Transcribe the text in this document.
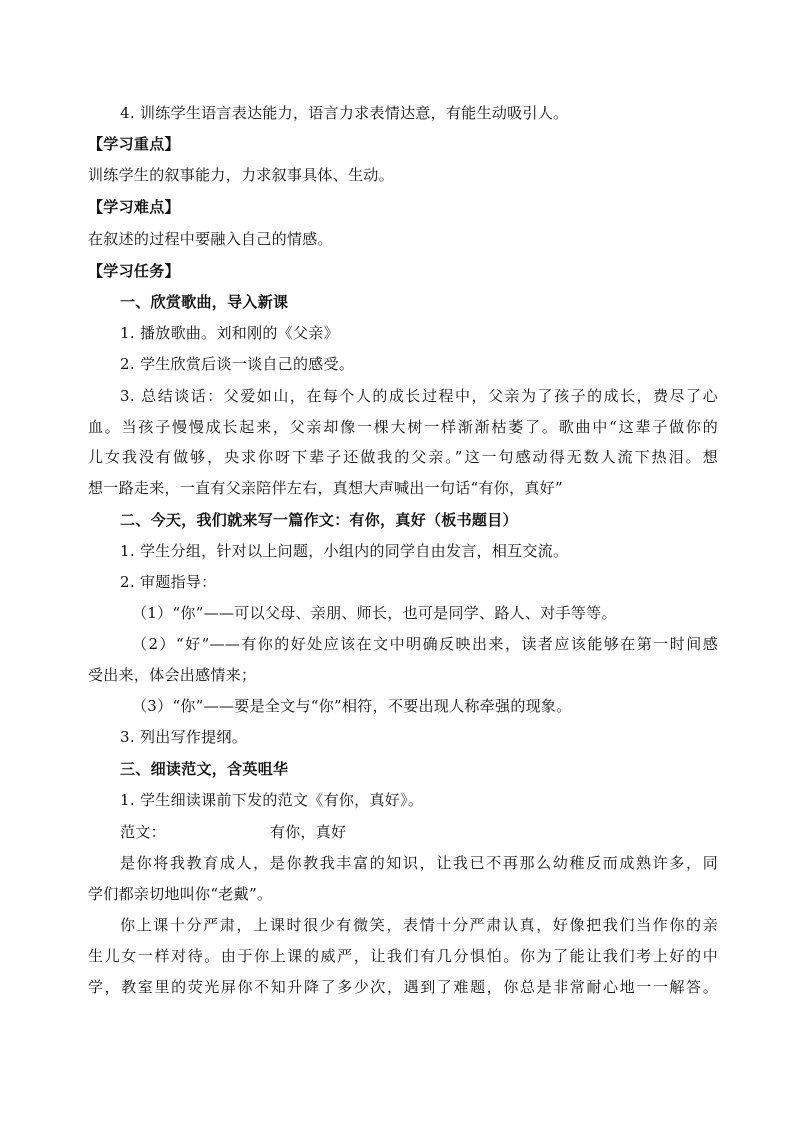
4. 训练学生语言表达能力，语言力求表情达意，有能生动吸引人。
【学习重点】
训练学生的叙事能力，力求叙事具体、生动。
【学习难点】
在叙述的过程中要融入自己的情感。
【学习任务】
一、欣赏歌曲，导入新课
1. 播放歌曲。刘和刚的《父亲》
2. 学生欣赏后谈一谈自己的感受。
3. 总结谈话：父爱如山，在每个人的成长过程中，父亲为了孩子的成长，费尽了心
血。当孩子慢慢成长起来，父亲却像一棵大树一样渐渐枯萎了。歌曲中“这辈子做你的
儿女我没有做够，央求你呀下辈子还做我的父亲。”这一句感动得无数人流下热泪。想
想一路走来，一直有父亲陪伴左右，真想大声喊出一句话“有你，真好”
二、今天，我们就来写一篇作文：有你，真好（板书题目）
1. 学生分组，针对以上问题，小组内的同学自由发言，相互交流。
2. 审题指导：
（1）“你”——可以父母、亲朋、师长，也可是同学、路人、对手等等。
（2）“好”——有你的好处应该在文中明确反映出来，读者应该能够在第一时间感
受出来，体会出感情来；
（3）“你”——要是全文与“你”相符，不要出现人称牵强的现象。
3. 列出写作提纲。
三、细读范文，含英咀华
1. 学生细读课前下发的范文《有你，真好》。
范文：	有你，真好
是你将我教育成人，是你教我丰富的知识，让我已不再那么幼稚反而成熟许多，同
学们都亲切地叫你“老戴”。
你上课十分严肃，上课时很少有微笑，表情十分严肃认真，好像把我们当作你的亲
生儿女一样对待。由于你上课的威严，让我们有几分惧怕。你为了能让我们考上好的中
学，教室里的荧光屏你不知升降了多少次，遇到了难题，你总是非常耐心地一一解答。
